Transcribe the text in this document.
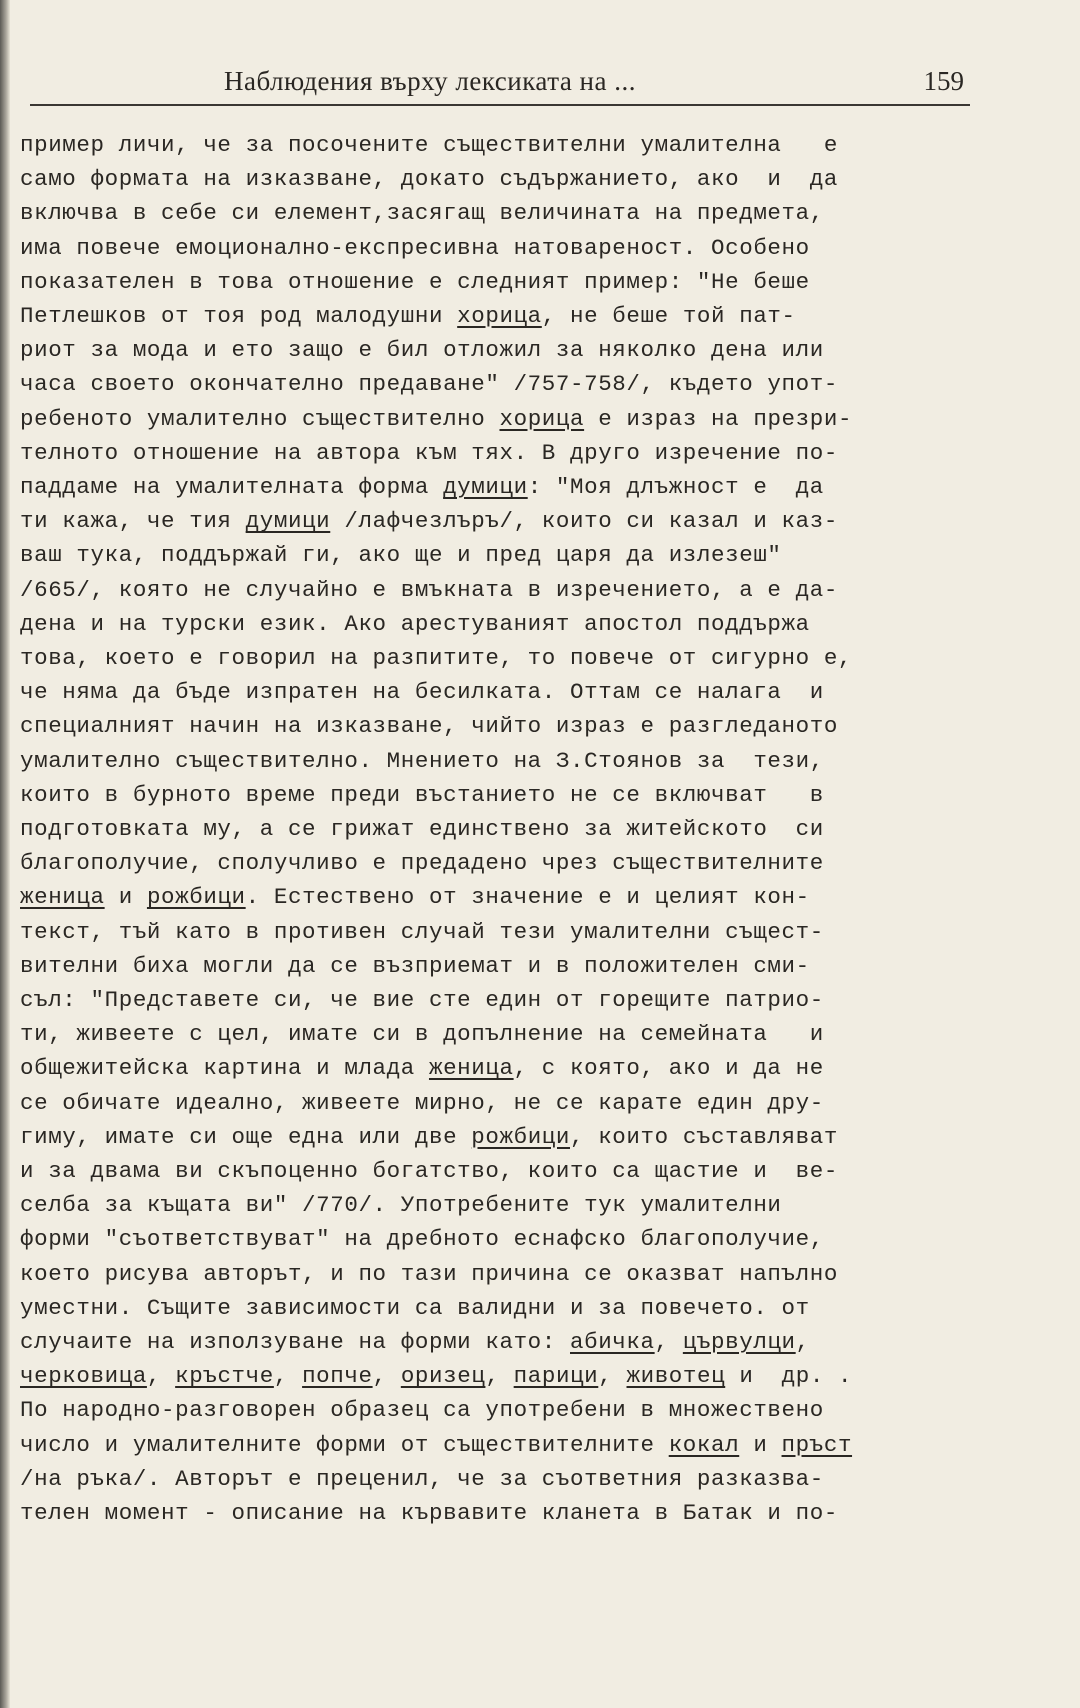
Наблюдения върху лексиката на ...	159
пример личи, че за посочените съществителни умалителна   е
само формата на изказване, докато съдържанието, ако  и  да
включва в себе си елемент,засягащ величината на предмета,
има повече емоционално-експресивна натовареност. Особено
показателен в това отношение е следният пример: "Не беше
Петлешков от тоя род малодушни хорица, не беше той пат-
риот за мода и ето защо е бил отложил за няколко дена или
часа своето окончателно предаване" /757-758/, където упот-
ребеното умалително съществително хорица е израз на презри-
телното отношение на автора към тях. В друго изречение по-
паддаме на умалителната форма думици: "Моя длъжност е  да
ти кажа, че тия думици /лафчезлъръ/, които си казал и каз-
ваш тука, поддържай ги, ако ще и пред царя да излезеш"
/665/, която не случайно е вмъкната в изречението, а е да-
дена и на турски език. Ако арестуваният апостол поддържа
това, което е говорил на разпитите, то повече от сигурно е,
че няма да бъде изпратен на бесилката. Оттам се налага  и
специалният начин на изказване, чийто израз е разгледаното
умалително съществително. Мнението на З.Стоянов за  тези,
които в бурното време преди въстанието не се включват   в
подготовката му, а се грижат единствено за житейското  си
благополучие, сполучливо е предадено чрез съществителните
женица и рожбици. Естествено от значение е и целият кон-
текст, тъй като в противен случай тези умалителни същест-
вителни биха могли да се възприемат и в положителен сми-
съл: "Представете си, че вие сте един от горещите патрио-
ти, живеете с цел, имате си в допълнение на семейната   и
общежитейска картина и млада женица, с която, ако и да не
се обичате идеално, живеете мирно, не се карате един дру-
гиму, имате си още една или две рожбици, които съставляват
и за двама ви скъпоценно богатство, които са щастие и  ве-
селба за къщата ви" /770/. Употребените тук умалителни
форми "съответствуват" на дребното еснафско благополучие,
което рисува авторът, и по тази причина се оказват напълно
уместни. Същите зависимости са валидни и за повечето. от
случаите на използуване на форми като: абичка, цървулци,
черковица, кръстче, попче, оризец, парици, животец и  др. .
По народно-разговорен образец са употребени в множествено
число и умалителните форми от съществителните кокал и пръст
/на ръка/. Авторът е преценил, че за съответния разказва-
телен момент - описание на кървавите кланета в Батак и по-
